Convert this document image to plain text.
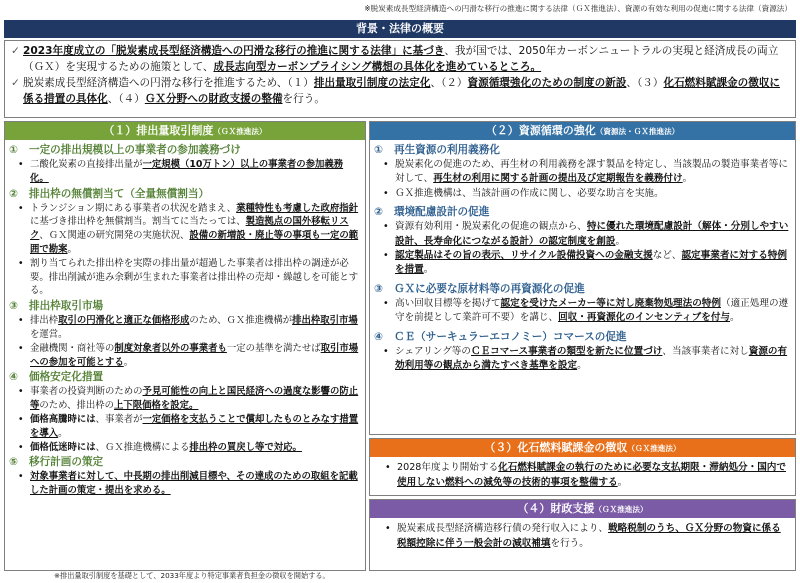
※脱炭素成長型経済構造への円滑な移行の推進に関する法律（ＧＸ推進法）、資源の有効な利用の促進に関する法律（資源法）
背景・法律の概要

✓ 2023年度成立の「脱炭素成長型経済構造への円滑な移行の推進に関する法律」に基づき、我が国では、2050年カーボンニュートラルの実現と経済成長の両立（ＧＸ）を実現するための施策として、成長志向型カーボンプライシング構想の具体化を進めているところ。

✓ 脱炭素成長型経済構造への円滑な移行を推進するため、（１）排出量取引制度の法定化、（２）資源循環強化のための制度の新設、（３）化石燃料賦課金の徴収に係る措置の具体化、（４）ＧＸ分野への財政支援の整備を行う。

（１）排出量取引制度（ＧＸ推進法）
① 一定の排出規模以上の事業者の参加義務づけ
• 二酸化炭素の直接排出量が一定規模（10万トン）以上の事業者の参加義務化。
② 排出枠の無償割当て（全量無償割当）
• トランジション期にある事業者の状況を踏まえ、業種特性も考慮した政府指針に基づき排出枠を無償割当。割当てに当たっては、製造拠点の国外移転リスク、ＧＸ関連の研究開発の実施状況、設備の新増設・廃止等の事項も一定の範囲で勘案。
• 割り当てられた排出枠を実際の排出量が超過した事業者は排出枠の調達が必要。排出削減が進み余剰が生まれた事業者は排出枠の売却・繰越しを可能とする。
③ 排出枠取引市場
• 排出枠取引の円滑化と適正な価格形成のため、ＧＸ推進機構が排出枠取引市場を運営。
• 金融機関・商社等の制度対象者以外の事業者も一定の基準を満たせば取引市場への参加を可能とする。
④ 価格安定化措置
• 事業者の投資判断のための予見可能性の向上と国民経済への過度な影響の防止等のため、排出枠の上下限価格を設定。
• 価格高騰時には、事業者が一定価格を支払うことで償却したものとみなす措置を導入。
• 価格低迷時には、ＧＸ推進機構による排出枠の買戻し等で対応。
⑤ 移行計画の策定
• 対象事業者に対して、中長期の排出削減目標や、その達成のための取組を記載した計画の策定・提出を求める。
（２）資源循環の強化（資源法・ＧＸ推進法）
① 再生資源の利用義務化
• 脱炭素化の促進のため、再生材の利用義務を課す製品を特定し、当該製品の製造事業者等に対して、再生材の利用に関する計画の提出及び定期報告を義務付け。
• ＧＸ推進機構は、当該計画の作成に関し、必要な助言を実施。
② 環境配慮設計の促進
• 資源有効利用・脱炭素化の促進の観点から、特に優れた環境配慮設計（解体・分別しやすい設計、長寿命化につながる設計）の認定制度を創設。
• 認定製品はその旨の表示、リサイクル設備投資への金融支援など、認定事業者に対する特例を措置。
③ ＧＸに必要な原材料等の再資源化の促進
• 高い回収目標等を掲げて認定を受けたメーカー等に対し廃棄物処理法の特例（適正処理の遵守を前提として業許可不要）を講じ、回収・再資源化のインセンティブを付与。
④ ＣＥ（サーキュラーエコノミー）コマースの促進
• シェアリング等のＣＥコマース事業者の類型を新たに位置づけ、当該事業者に対し資源の有効利用等の観点から満たすべき基準を設定。
（３）化石燃料賦課金の徴収（ＧＸ推進法）
• 2028年度より開始する化石燃料賦課金の執行のために必要な支払期限・滞納処分・国内で使用しない燃料への減免等の技術的事項を整備する。
（４）財政支援（ＧＸ推進法）
• 脱炭素成長型経済構造移行債の発行収入により、戦略税制のうち、ＧＸ分野の物資に係る税額控除に伴う一般会計の減収補填を行う。
※排出量取引制度を基礎として、2033年度より特定事業者負担金の徴収を開始する。
